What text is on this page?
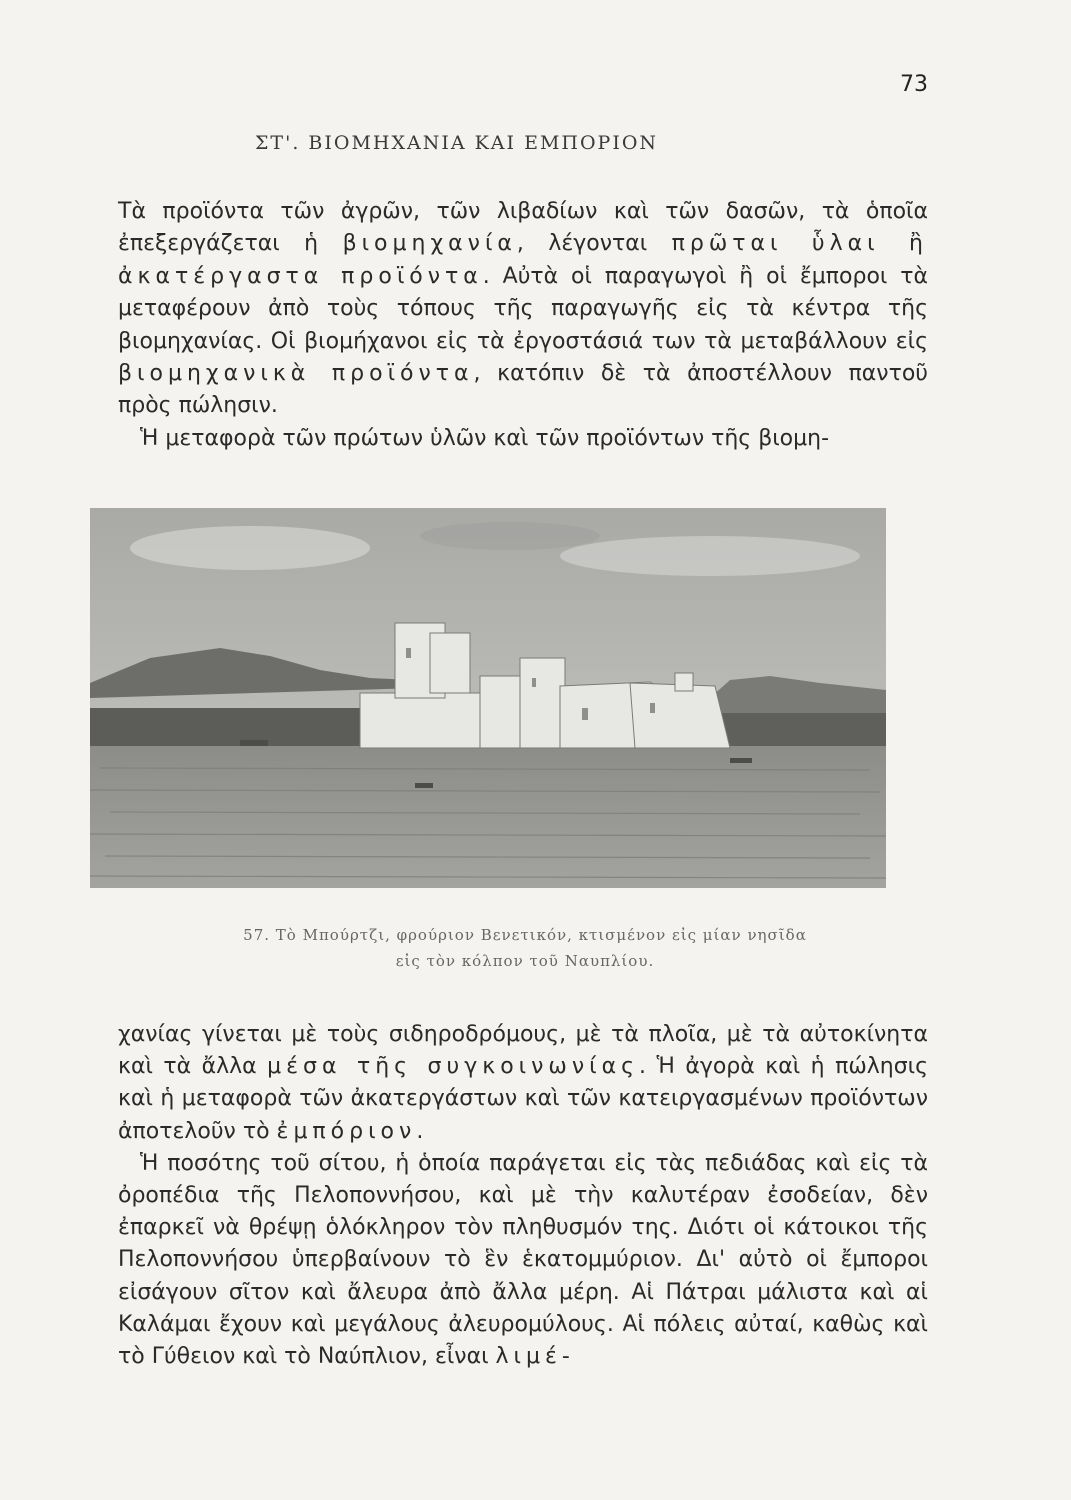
73
ΣΤ'. ΒΙΟΜΗΧΑΝΙΑ ΚΑΙ ΕΜΠΟΡΙΟΝ

Τὰ προϊόντα τῶν ἀγρῶν, τῶν λιβαδίων καὶ τῶν δασῶν, τὰ ὁποῖα ἐπεξεργάζεται ἡ βιομηχανία, λέγονται πρῶται ὗλαι ἢ ἀκατέργαστα προϊόντα. Αὐτὰ οἱ παραγωγοὶ ἢ οἱ ἔμποροι τὰ μεταφέρουν ἀπὸ τοὺς τόπους τῆς παραγωγῆς εἰς τὰ κέντρα τῆς βιομηχανίας. Οἱ βιομήχανοι εἰς τὰ ἐργοστάσιά των τὰ μεταβάλλουν εἰς βιομηχανικὰ προϊόντα, κατόπιν δὲ τὰ ἀποστέλλουν παντοῦ πρὸς πώλησιν.
Ἡ μεταφορὰ τῶν πρώτων ὑλῶν καὶ τῶν προϊόντων τῆς βιομη-

57. Τὸ Μπούρτζι, φρούριον Βενετικόν, κτισμένον εἰς μίαν νησῖδα
εἰς τὸν κόλπον τοῦ Ναυπλίου.

χανίας γίνεται μὲ τοὺς σιδηροδρόμους, μὲ τὰ πλοῖα, μὲ τὰ αὐτοκίνητα καὶ τὰ ἄλλα μέσα τῆς συγκοινωνίας. Ἡ ἀγορὰ καὶ ἡ πώλησις καὶ ἡ μεταφορὰ τῶν ἀκατεργάστων καὶ τῶν κατειργασμένων προϊόντων ἀποτελοῦν τὸ ἐμπόριον.
Ἡ ποσότης τοῦ σίτου, ἡ ὁποία παράγεται εἰς τὰς πεδιάδας καὶ εἰς τὰ ὀροπέδια τῆς Πελοποννήσου, καὶ μὲ τὴν καλυτέραν ἐσοδείαν, δὲν ἐπαρκεῖ νὰ θρέψῃ ὁλόκληρον τὸν πληθυσμόν της. Διότι οἱ κάτοικοι τῆς Πελοποννήσου ὑπερβαίνουν τὸ ἓν ἑκατομμύριον. Δι' αὐτὸ οἱ ἔμποροι εἰσάγουν σῖτον καὶ ἄλευρα ἀπὸ ἄλλα μέρη. Αἱ Πάτραι μάλιστα καὶ αἱ Καλάμαι ἔχουν καὶ μεγάλους ἀλευρομύλους. Αἱ πόλεις αὐταί, καθὼς καὶ τὸ Γύθειον καὶ τὸ Ναύπλιον, εἶναι λιμέ-
